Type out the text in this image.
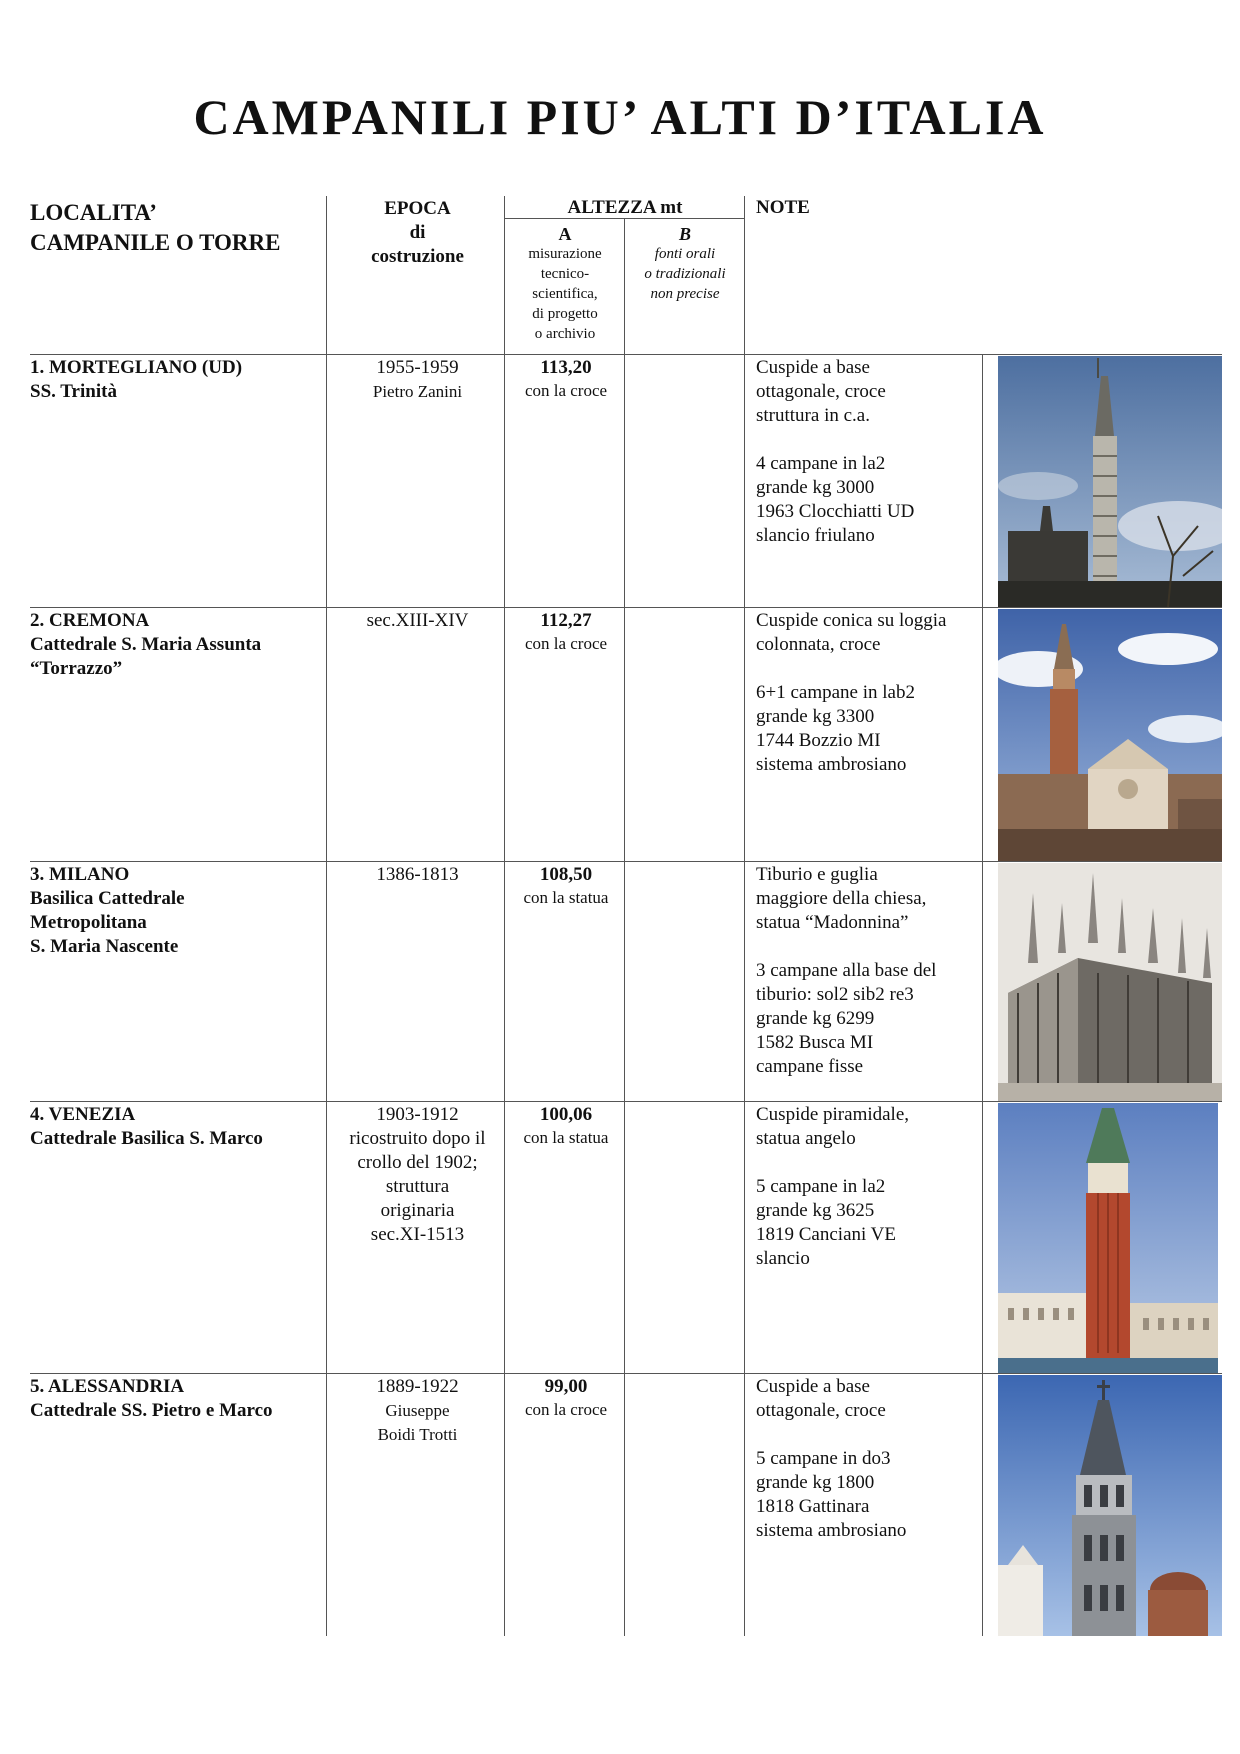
CAMPANILI PIU’ ALTI D’ITALIA
LOCALITA’
CAMPANILE O TORRE
EPOCA
di
costruzione
ALTEZZA mt
A
misurazione
tecnico-
scientifica,
di progetto
o archivio
B
fonti orali
o tradizionali
non precise
NOTE
1. MORTEGLIANO (UD)
SS. Trinità
1955-1959
Pietro Zanini
113,20
con la croce
Cuspide a base
ottagonale, croce
struttura in c.a.

4 campane in la2
grande kg 3000
1963 Clocchiatti UD
slancio friulano
2. CREMONA
Cattedrale S. Maria Assunta
“Torrazzo”
sec.XIII-XIV	112,27
con la croce
Cuspide conica su loggia
colonnata, croce

6+1 campane in lab2
grande kg 3300
1744 Bozzio MI
sistema ambrosiano
3. MILANO
Basilica Cattedrale
Metropolitana
S. Maria Nascente
1386-1813	108,50
con la statua
Tiburio e guglia
maggiore della chiesa,
statua “Madonnina”

3 campane alla base del
tiburio: sol2 sib2 re3
grande kg 6299
1582 Busca MI
campane fisse
4. VENEZIA
Cattedrale Basilica S. Marco
1903-1912
ricostruito dopo il
crollo del 1902;
struttura
originaria
sec.XI-1513
100,06
con la statua
Cuspide piramidale,
statua angelo

5 campane in la2
grande kg 3625
1819 Canciani VE
slancio
5. ALESSANDRIA
Cattedrale SS. Pietro e Marco
1889-1922
Giuseppe
Boidi Trotti
99,00
con la croce
Cuspide a base
ottagonale, croce

5 campane in do3
grande kg 1800
1818 Gattinara
sistema ambrosiano
